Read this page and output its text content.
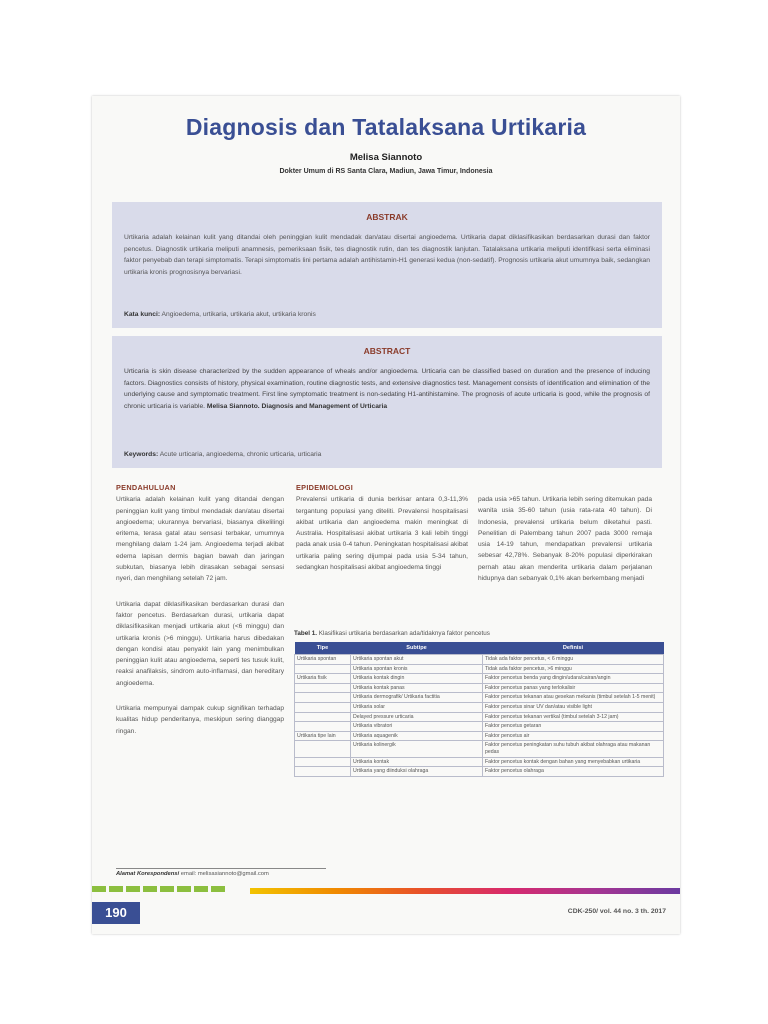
Diagnosis dan Tatalaksana Urtikaria
Melisa Siannoto
Dokter Umum di RS Santa Clara, Madiun, Jawa Timur, Indonesia
ABSTRAK

Urtikaria adalah kelainan kulit yang ditandai oleh peninggian kulit mendadak dan/atau disertai angioedema. Urtikaria dapat diklasifikasikan berdasarkan durasi dan faktor pencetus. Diagnostik urtikaria meliputi anamnesis, pemeriksaan fisik, tes diagnostik rutin, dan tes diagnostik lanjutan. Tatalaksana urtikaria meliputi identifikasi serta eliminasi faktor penyebab dan terapi simptomatis. Terapi simptomatis lini pertama adalah antihistamin-H1 generasi kedua (non-sedatif). Prognosis urtikaria akut umumnya baik, sedangkan urtikaria kronis prognosisnya bervariasi.

Kata kunci: Angioedema, urtikaria, urtikaria akut, urtikaria kronis
ABSTRACT

Urticaria is skin disease characterized by the sudden appearance of wheals and/or angioedema. Urticaria can be classified based on duration and the presence of inducing factors. Diagnostics consists of history, physical examination, routine diagnostic tests, and extensive diagnostics test. Management consists of identification and elimination of the underlying cause and symptomatic treatment. First line symptomatic treatment is non-sedating H1-antihistamine. The prognosis of acute urticaria is good, while the prognosis of chronic urticaria is variable. Melisa Siannoto. Diagnosis and Management of Urticaria

Keywords: Acute urticaria, angioedema, chronic urticaria, urticaria
PENDAHULUAN

Urtikaria adalah kelainan kulit yang ditandai dengan peninggian kulit yang timbul mendadak dan/atau disertai angioedema; ukurannya bervariasi, biasanya dikelilingi eritema, terasa gatal atau sensasi terbakar, umumnya menghilang dalam 1-24 jam. Angioedema terjadi akibat edema lapisan dermis bagian bawah dan jaringan subkutan, biasanya lebih dirasakan sebagai sensasi nyeri, dan menghilang setelah 72 jam.

Urtikaria dapat diklasifikasikan berdasarkan durasi dan faktor pencetus. Berdasarkan durasi, urtikaria dapat diklasifikasikan menjadi urtikaria akut (<6 minggu) dan urtikaria kronis (>6 minggu). Urtikaria harus dibedakan dengan kondisi atau penyakit lain yang menimbulkan peninggian kulit atau angioedema, seperti tes tusuk kulit, reaksi anafilaksis, sindrom auto-inflamasi, dan hereditary angioedema.

Urtikaria mempunyai dampak cukup signifikan terhadap kualitas hidup penderitanya, meskipun sering dianggap ringan.

EPIDEMIOLOGI

Prevalensi urtikaria di dunia berkisar antara 0,3-11,3% tergantung populasi yang diteliti. Prevalensi hospitalisasi akibat urtikaria dan angioedema makin meningkat di Australia. Hospitalisasi akibat urtikaria 3 kali lebih tinggi pada anak usia 0-4 tahun. Peningkatan hospitalisasi akibat urtikaria paling sering dijumpai pada usia 5-34 tahun, sedangkan hospitalisasi akibat angioedema tinggi

pada usia >65 tahun. Urtikaria lebih sering ditemukan pada wanita usia 35-60 tahun (usia rata-rata 40 tahun). Di Indonesia, prevalensi urtikaria belum diketahui pasti. Penelitian di Palembang tahun 2007 pada 3000 remaja usia 14-19 tahun, mendapatkan prevalensi urtikaria sebesar 42,78%. Sebanyak 8-20% populasi diperkirakan pernah atau akan menderita urtikaria dalam perjalanan hidupnya dan sebanyak 0,1% akan berkembang menjadi

Tabel 1. Klasifikasi urtikaria berdasarkan ada/tidaknya faktor pencetus
Tipe	Subtipe	Definisi
Urtikaria spontan	Urtikaria spontan akut	Tidak ada faktor pencetus, < 6 minggu
	Urtikaria spontan kronis	Tidak ada faktor pencetus, >6 minggu
Urtikaria fisik	Urtikaria kontak dingin	Faktor pencetus benda yang dingin/udara/cairan/angin
	Urtikaria kontak panas	Faktor pencetus panas yang terlokalisir
	Urtikaria dermografik/ Urtikaria factitia	Faktor pencetus tekanan atau gesekan mekanis (timbul setelah 1-5 menit)
	Urtikaria solar	Faktor pencetus sinar UV dan/atau visible light
	Delayed pressure urticaria	Faktor pencetus tekanan vertikal (timbul setelah 3-12 jam)
	Urtikaria vibratori	Faktor pencetus getaran
Urtikaria tipe lain	Urtikaria aquagenik	Faktor pencetus air
	Urtikaria kolinergik	Faktor pencetus peningkatan suhu tubuh akibat olahraga atau makanan pedas
	Urtikaria kontak	Faktor pencetus kontak dengan bahan yang menyebabkan urtikaria
	Urtikaria yang diinduksi olahraga	Faktor pencetus olahraga
Alamat Korespondensi email: melisasiannoto@gmail.com
190	CDK-250/ vol. 44 no. 3 th. 2017
